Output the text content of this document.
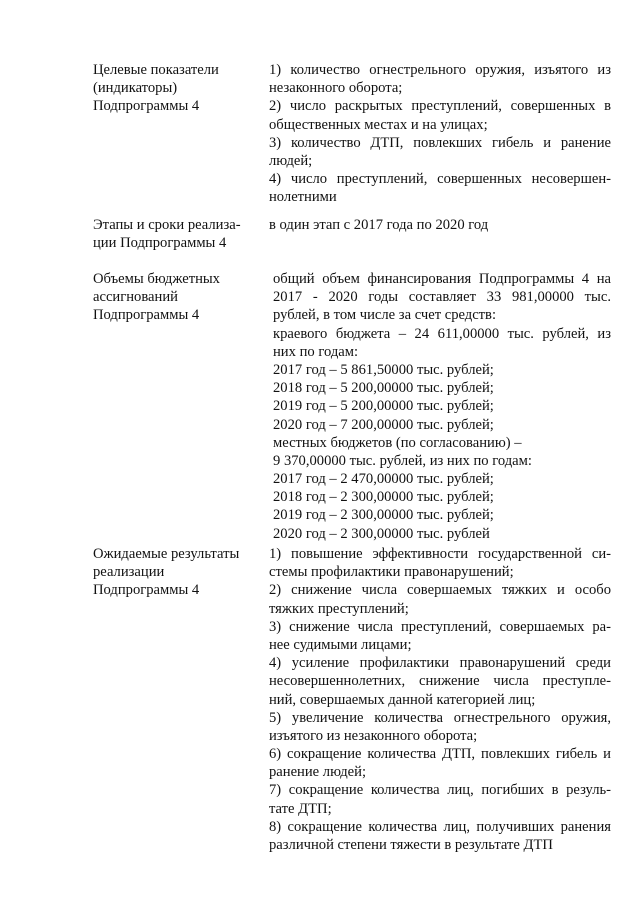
Целевые показатели
(индикаторы)
Подпрограммы 4
1) количество огнестрельного оружия, изъятого из
незаконного оборота;
2) число раскрытых преступлений, совершенных в
общественных местах и на улицах;
3) количество ДТП, повлекших гибель и ранение
людей;
4) число преступлений, совершенных несовершен-
нолетними
Этапы и сроки реализа-
ции Подпрограммы 4
в один этап с 2017 года по 2020 год
Объемы бюджетных
ассигнований
Подпрограммы 4
общий объем финансирования Подпрограммы 4 на
2017 - 2020 годы составляет 33 981,00000 тыс.
рублей, в том числе за счет средств:
краевого бюджета – 24 611,00000 тыс. рублей, из
них по годам:
2017 год – 5 861,50000 тыс. рублей;
2018 год – 5 200,00000 тыс. рублей;
2019 год – 5 200,00000 тыс. рублей;
2020 год – 7 200,00000 тыс. рублей;
местных бюджетов (по согласованию) –
9 370,00000 тыс. рублей, из них по годам:
2017 год – 2 470,00000 тыс. рублей;
2018 год – 2 300,00000 тыс. рублей;
2019 год – 2 300,00000 тыс. рублей;
2020 год – 2 300,00000 тыс. рублей
Ожидаемые результаты
реализации
Подпрограммы 4
1) повышение эффективности государственной си-
стемы профилактики правонарушений;
2) снижение числа совершаемых тяжких и особо
тяжких преступлений;
3) снижение числа преступлений, совершаемых ра-
нее судимыми лицами;
4) усиление профилактики правонарушений среди
несовершеннолетних, снижение числа преступле-
ний, совершаемых данной категорией лиц;
5) увеличение количества огнестрельного оружия,
изъятого из незаконного оборота;
6) сокращение количества ДТП, повлекших гибель и
ранение людей;
7) сокращение количества лиц, погибших в резуль-
тате ДТП;
8) сокращение количества лиц, получивших ранения
различной степени тяжести в результате ДТП
